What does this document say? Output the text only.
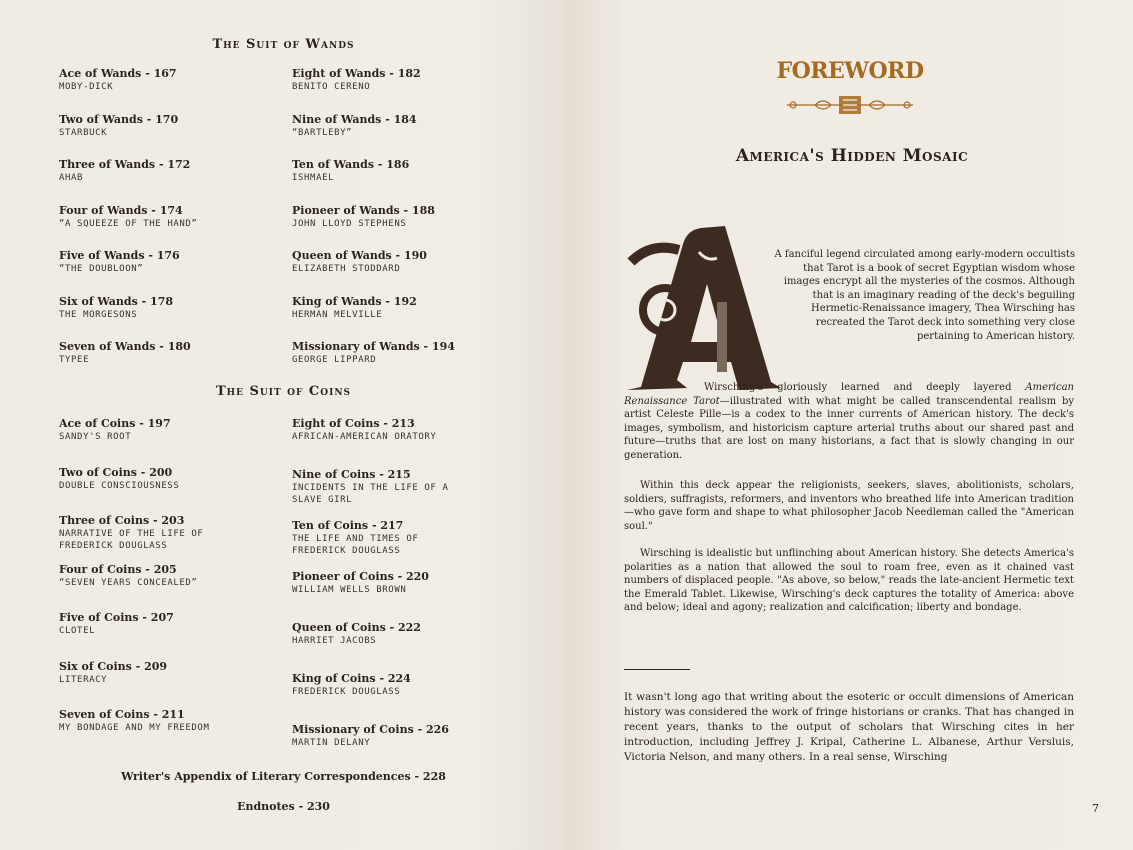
The Suit of Wands
Ace of Wands - 167
MOBY-DICK
Two of Wands - 170
STARBUCK
Three of Wands - 172
AHAB
Four of Wands - 174
“A SQUEEZE OF THE HAND”
Five of Wands - 176
“THE DOUBLOON”
Six of Wands - 178
THE MORGESONS
Seven of Wands - 180
TYPEE
Eight of Wands - 182
BENITO CERENO
Nine of Wands - 184
“BARTLEBY”
Ten of Wands - 186
ISHMAEL
Pioneer of Wands - 188
JOHN LLOYD STEPHENS
Queen of Wands - 190
ELIZABETH STODDARD
King of Wands - 192
HERMAN MELVILLE
Missionary of Wands - 194
GEORGE LIPPARD
The Suit of Coins
Ace of Coins - 197
SANDY'S ROOT
Two of Coins - 200
DOUBLE CONSCIOUSNESS
Three of Coins - 203
NARRATIVE OF THE LIFE OF
FREDERICK DOUGLASS
Four of Coins - 205
“SEVEN YEARS CONCEALED”
Five of Coins - 207
CLOTEL
Six of Coins - 209
LITERACY
Seven of Coins - 211
MY BONDAGE AND MY FREEDOM
Eight of Coins - 213
AFRICAN-AMERICAN ORATORY
Nine of Coins - 215
INCIDENTS IN THE LIFE OF A
SLAVE GIRL
Ten of Coins - 217
THE LIFE AND TIMES OF
FREDERICK DOUGLASS
Pioneer of Coins - 220
WILLIAM WELLS BROWN
Queen of Coins - 222
HARRIET JACOBS
King of Coins - 224
FREDERICK DOUGLASS
Missionary of Coins - 226
MARTIN DELANY
Writer's Appendix of Literary Correspondences - 228
Endnotes - 230
FOREWORD
America's Hidden Mosaic

A fanciful legend circulated among early-modern occultists that Tarot is a book of secret Egyptian wisdom whose images encrypt all the mysteries of the cosmos. Although that is an imaginary reading of the deck's beguiling Hermetic-Renaissance imagery, Thea Wirsching has recreated the Tarot deck into something very close pertaining to American history.

Wirsching's gloriously learned and deeply layered American Renaissance Tarot—illustrated with what might be called transcendental realism by artist Celeste Pille—is a codex to the inner currents of American history. The deck's images, symbolism, and historicism capture arterial truths about our shared past and future—truths that are lost on many historians, a fact that is slowly changing in our generation.

Within this deck appear the religionists, seekers, slaves, abolitionists, scholars, soldiers, suffragists, reformers, and inventors who breathed life into American tradition—who gave form and shape to what philosopher Jacob Needleman called the "American soul."

Wirsching is idealistic but unflinching about American history. She detects America's polarities as a nation that allowed the soul to roam free, even as it chained vast numbers of displaced people. "As above, so below," reads the late-ancient Hermetic text the Emerald Tablet. Likewise, Wirsching's deck captures the totality of America: above and below; ideal and agony; realization and calcification; liberty and bondage.

It wasn't long ago that writing about the esoteric or occult dimensions of American history was considered the work of fringe historians or cranks. That has changed in recent years, thanks to the output of scholars that Wirsching cites in her introduction, including Jeffrey J. Kripal, Catherine L. Albanese, Arthur Versluis, Victoria Nelson, and many others. In a real sense, Wirsching

7
